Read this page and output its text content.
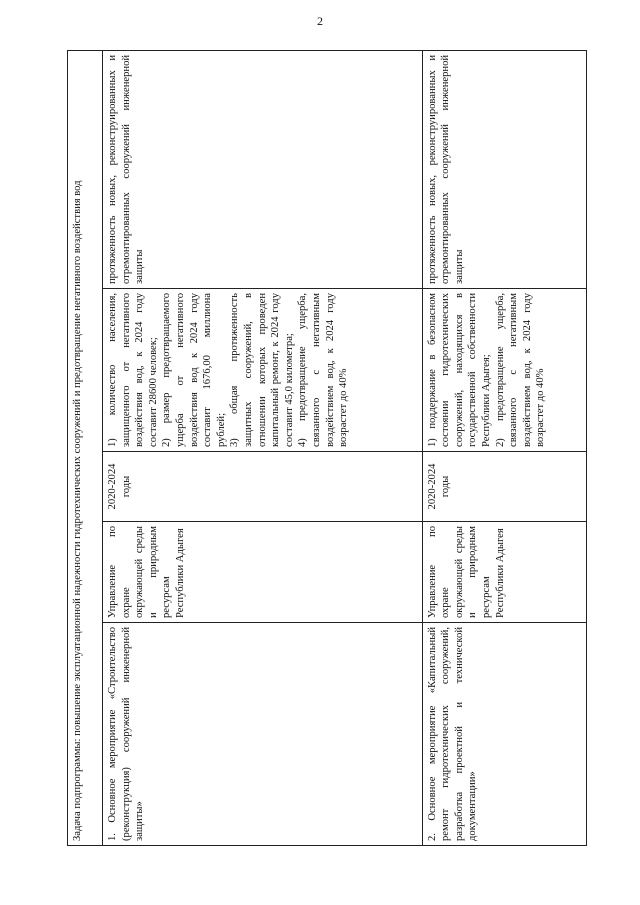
2
Задача подпрограммы: повышение эксплуатационной надежности гидротехнических сооружений и предотвращение негативного воздействия вод				
1. Основное мероприятие «Строительство (реконструкция) сооружений инженерной защиты»	Управление по охране окружающей среды и природным ресурсам Республики Адыгея	2020-2024 годы	1) количество населения, защищенного от негативного воздействия вод, к 2024 году составит 28600 человек;
2) размер предотвращаемого ущерба от негативного воздействия вод к 2024 году составит 1676,00 миллиона рублей;
3) общая протяженность защитных сооружений, в отношении которых проведен капитальный ремонт, к 2024 году составит 45,0 километра;
4) предотвращение ущерба, связанного с негативным воздействием вод, к 2024 году возрастет до 40%	протяженность новых, реконструированных и отремонтированных сооружений инженерной защиты
2. Основное мероприятие «Капитальный ремонт гидротехнических сооружений, разработка проектной и технической документации»	Управление по охране окружающей среды и природным ресурсам Республики Адыгея	2020-2024 годы	1) поддержание в безопасном состоянии гидротехнических сооружений, находящихся в государственной собственности Республики Адыгея;
2) предотвращение ущерба, связанного с негативным воздействием вод, к 2024 году возрастет до 40%	протяженность новых, реконструированных и отремонтированных сооружений инженерной защиты
